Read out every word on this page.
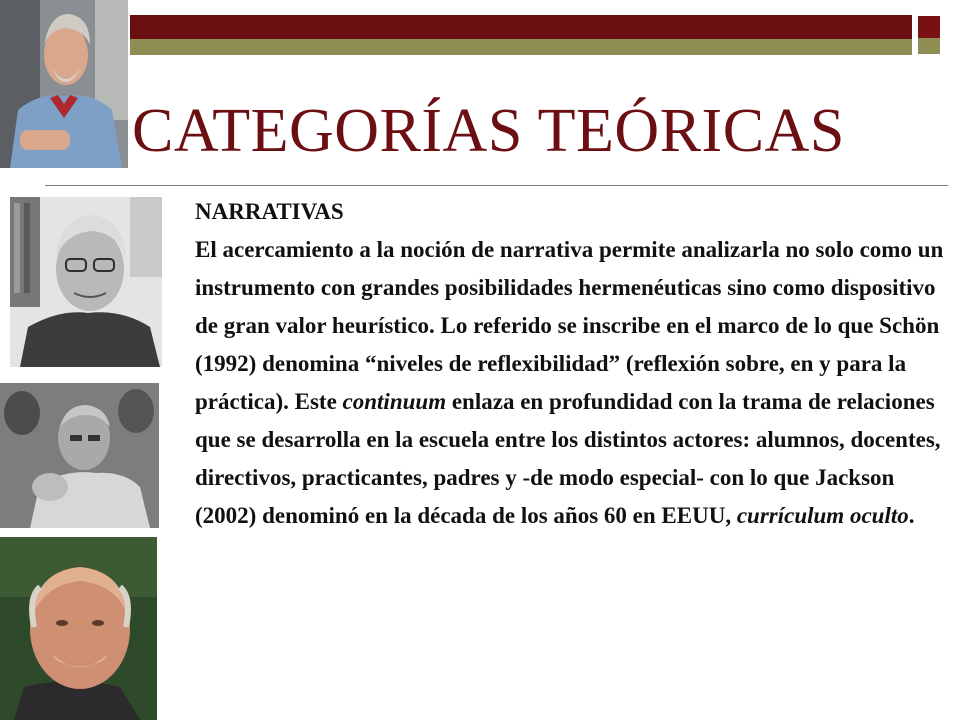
CATEGORÍAS TEÓRICAS
NARRATIVAS
El acercamiento a la noción de narrativa permite analizarla no solo como un instrumento con grandes posibilidades hermenéuticas sino como dispositivo de gran valor heurístico. Lo referido se inscribe en el marco de lo que Schön (1992) denomina “niveles de reflexibilidad” (reflexión sobre, en y para la práctica). Este continuum enlaza en profundidad con la trama de relaciones que se desarrolla en la escuela entre los distintos actores: alumnos, docentes, directivos, practicantes, padres y -de modo especial- con lo que Jackson (2002) denominó en la década de los años 60 en EEUU, currículum oculto.
